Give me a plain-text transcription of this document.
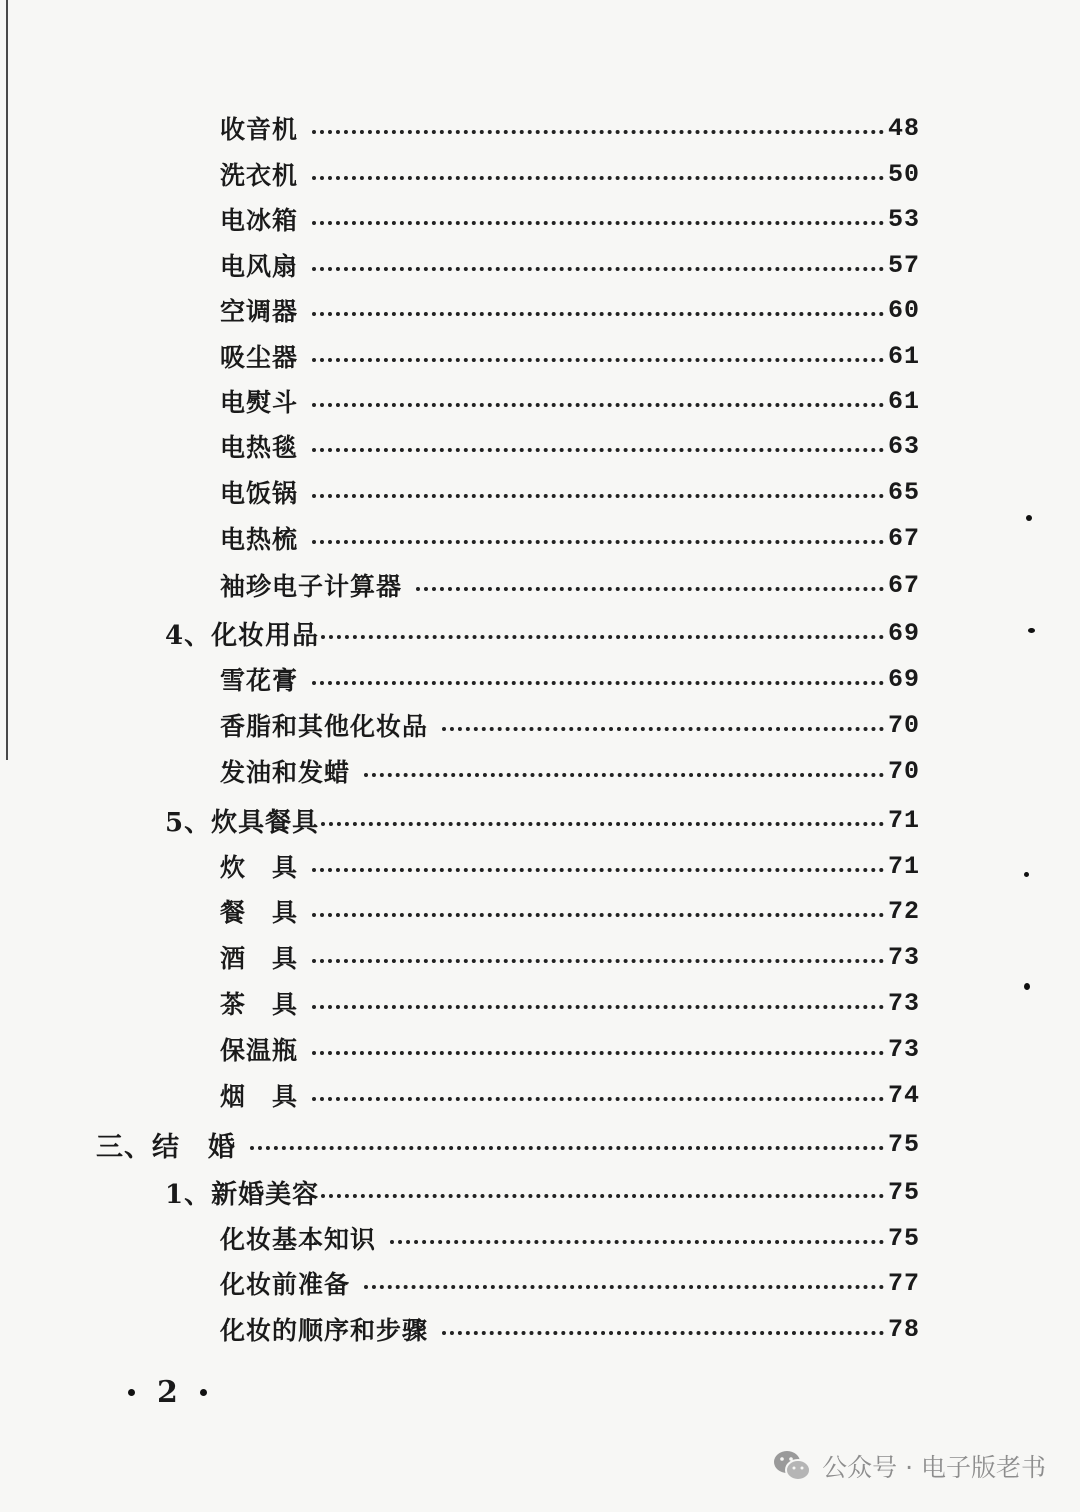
收音机	48
洗衣机	50
电冰箱	53
电风扇	57
空调器	60
吸尘器	61
电熨斗	61
电热毯	63
电饭锅	65
电热梳	67
袖珍电子计算器	67
4、化妆用品	69
雪花膏	69
香脂和其他化妆品	70
发油和发蜡	70
5、炊具餐具	71
炊　具	71
餐　具	72
酒　具	73
茶　具	73
保温瓶	73
烟　具	74
三、结　婚	75
1、新婚美容	75
化妆基本知识	75
化妆前准备	77
化妆的顺序和步骤	78
2
公众号 · 电子版老书
